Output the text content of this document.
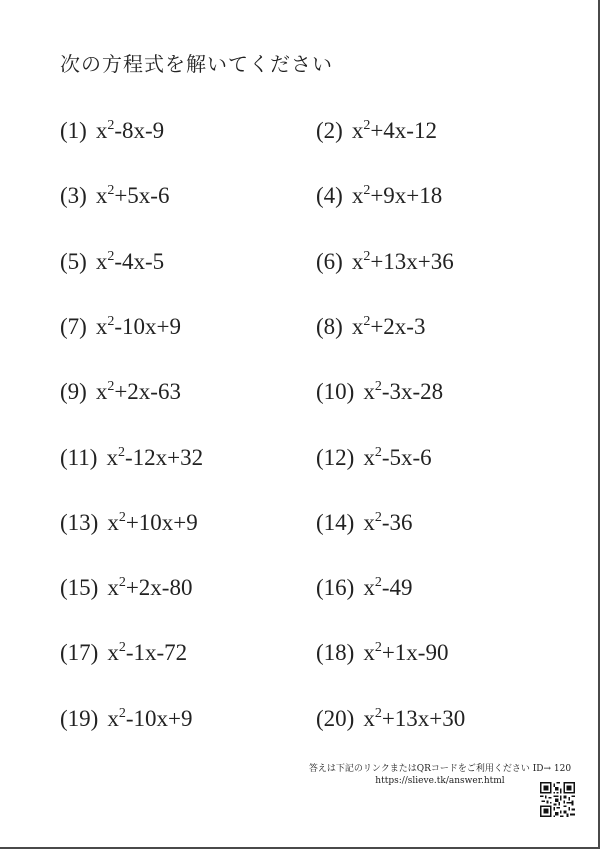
次の方程式を解いてください
(1) $x^2-8x-9$	(2) $x^2+4x-12$
(3) $x^2+5x-6$	(4) $x^2+9x+18$
(5) $x^2-4x-5$	(6) $x^2+13x+36$
(7) $x^2-10x+9$	(8) $x^2+2x-3$
(9) $x^2+2x-63$	(10) $x^2-3x-28$
(11) $x^2-12x+32$	(12) $x^2-5x-6$
(13) $x^2+10x+9$	(14) $x^2-36$
(15) $x^2+2x-80$	(16) $x^2-49$
(17) $x^2-1x-72$	(18) $x^2+1x-90$
(19) $x^2-10x+9$	(20) $x^2+13x+30$
答えは下記のリンクまたはQRコードをご利用ください ID→ 120
https://slieve.tk/answer.html
